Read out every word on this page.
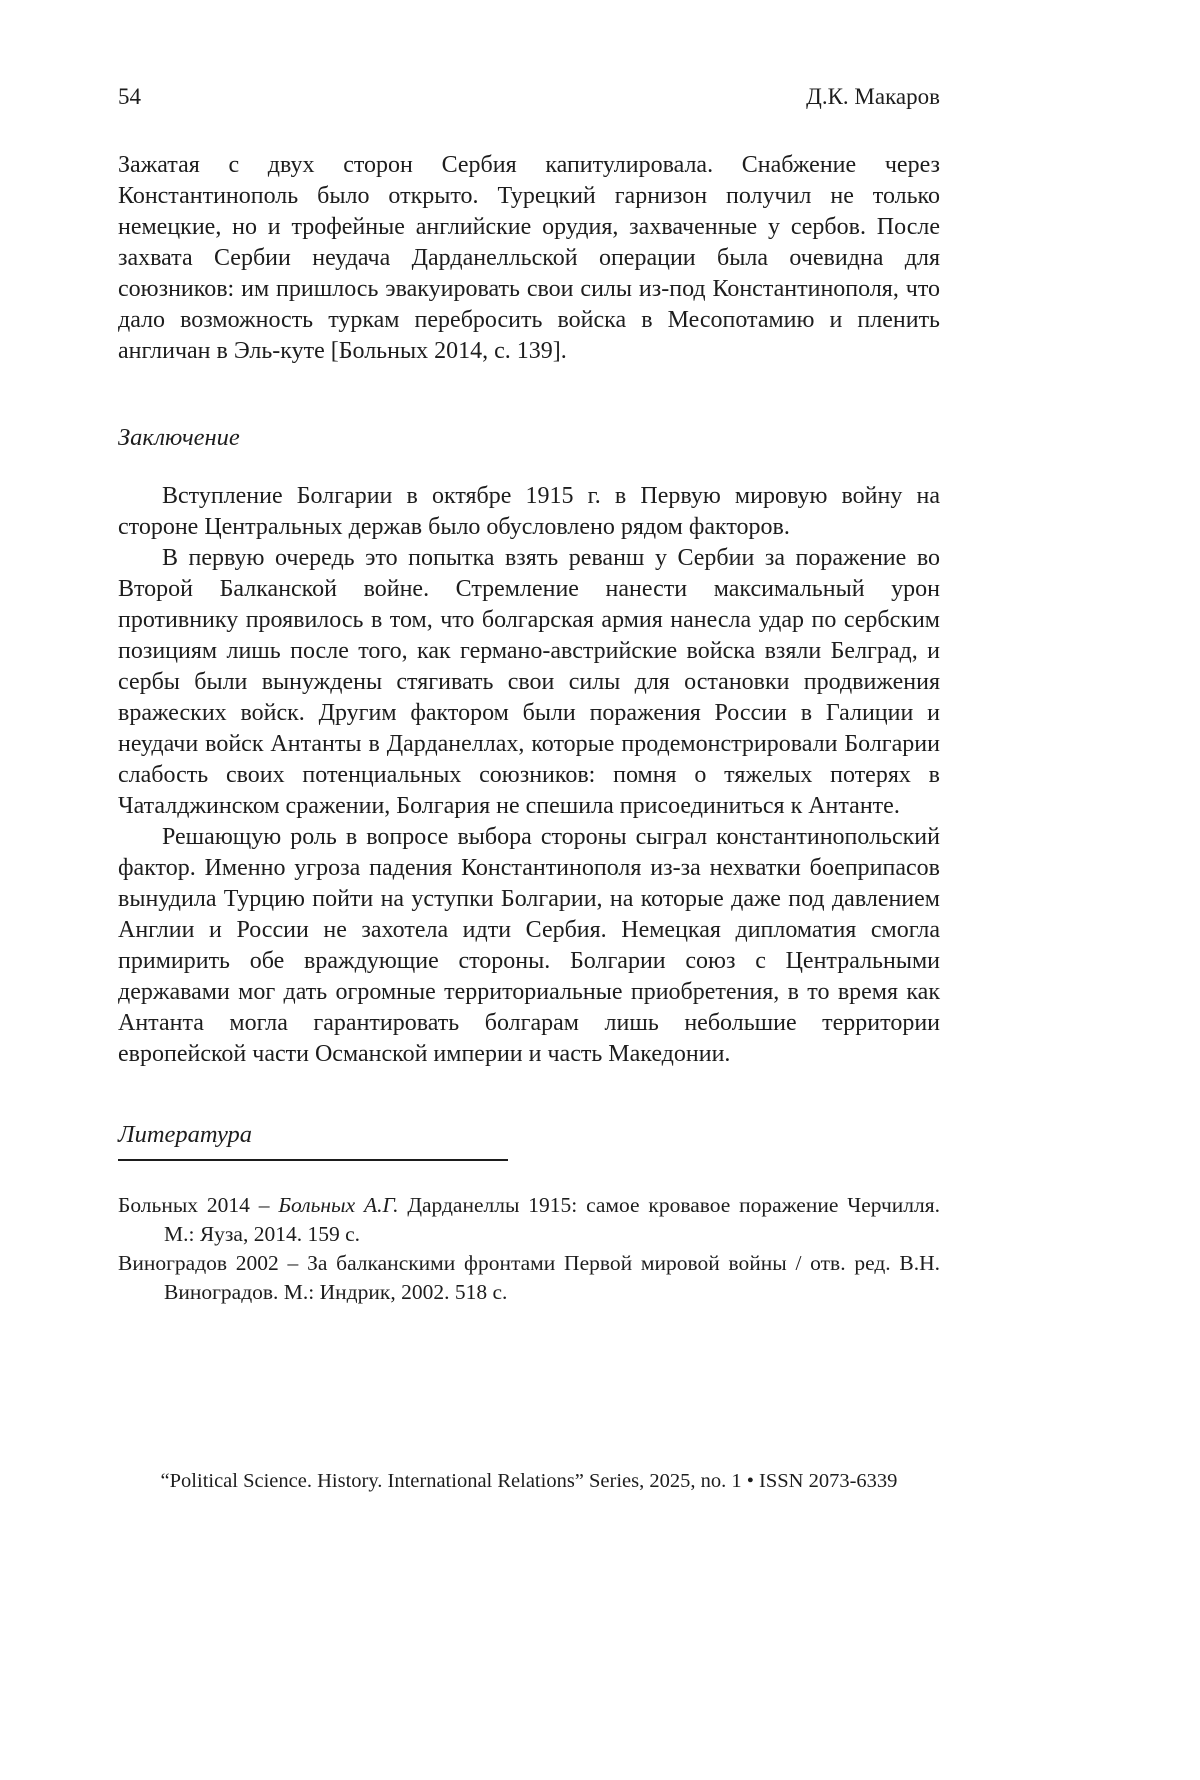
54	Д.К. Макаров

Зажатая с двух сторон Сербия капитулировала. Снабжение через Константинополь было открыто. Турецкий гарнизон получил не только немецкие, но и трофейные английские орудия, захваченные у сербов. После захвата Сербии неудача Дарданелльской операции была очевидна для союзников: им пришлось эвакуировать свои силы из-под Константинополя, что дало возможность туркам перебросить войска в Месопотамию и пленить англичан в Эль-куте [Больных 2014, с. 139].

Заключение

Вступление Болгарии в октябре 1915 г. в Первую мировую войну на стороне Центральных держав было обусловлено рядом факторов.

В первую очередь это попытка взять реванш у Сербии за поражение во Второй Балканской войне. Стремление нанести максимальный урон противнику проявилось в том, что болгарская армия нанесла удар по сербским позициям лишь после того, как германо-австрийские войска взяли Белград, и сербы были вынуждены стягивать свои силы для остановки продвижения вражеских войск. Другим фактором были поражения России в Галиции и неудачи войск Антанты в Дарданеллах, которые продемонстрировали Болгарии слабость своих потенциальных союзников: помня о тяжелых потерях в Чаталджинском сражении, Болгария не спешила присоединиться к Антанте.

Решающую роль в вопросе выбора стороны сыграл константинопольский фактор. Именно угроза падения Константинополя из-за нехватки боеприпасов вынудила Турцию пойти на уступки Болгарии, на которые даже под давлением Англии и России не захотела идти Сербия. Немецкая дипломатия смогла примирить обе враждующие стороны. Болгарии союз с Центральными державами мог дать огромные территориальные приобретения, в то время как Антанта могла гарантировать болгарам лишь небольшие территории европейской части Османской империи и часть Македонии.

Литература

Больных 2014 – Больных А.Г. Дарданеллы 1915: самое кровавое поражение Черчилля. М.: Яуза, 2014. 159 с.

Виноградов 2002 – За балканскими фронтами Первой мировой войны / отв. ред. В.Н. Виноградов. М.: Индрик, 2002. 518 с.

“Political Science. History. International Relations” Series, 2025, no. 1 • ISSN 2073-6339
